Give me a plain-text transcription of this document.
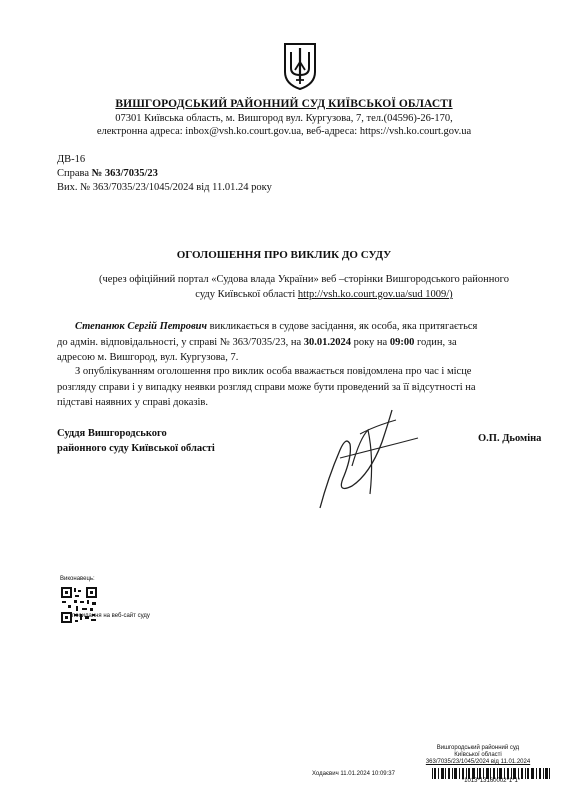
ВИШГОРОДСЬКИЙ РАЙОННИЙ СУД КИЇВСЬКОЇ ОБЛАСТІ
07301 Київська область, м. Вишгород вул. Кургузова, 7, тел.(04596)-26-170,
електронна адреса: inbox@vsh.ko.court.gov.ua, веб-адреса: https://vsh.ko.court.gov.ua
ДВ-16
Справа № 363/7035/23
Вих. № 363/7035/23/1045/2024 від 11.01.24 року
ОГОЛОШЕННЯ ПРО ВИКЛИК ДО СУДУ
(через офіційний портал «Судова влада України» веб –сторінки Вишгородського районного
суду Київської області http://vsh.ko.court.gov.ua/sud 1009/)
Степанюк Сергій Петрович викликається в судове засідання, як особа, яка притягається
до адмін. відповідальності, у справі № 363/7035/23, на 30.01.2024 року на 09:00 годин, за
адресою м. Вишгород, вул. Кургузова, 7.
З опублікуванням оголошення про виклик особа вважається повідомлена про час і місце
розгляду справи і у випадку неявки розгляд справи може бути проведений за її відсутності на
підставі наявних у справі доказів.
Суддя Вишгородського
районного суду Київської області
О.П. Дьоміна
Виконавець:
посилання на веб-сайт суду
Вишгородський районний суд
Київської області
363/7035/23/1045/2024 від 11.01.2024
Ходаєвич 11.01.2024 10:09:37
*1013*13160002*1*1*
